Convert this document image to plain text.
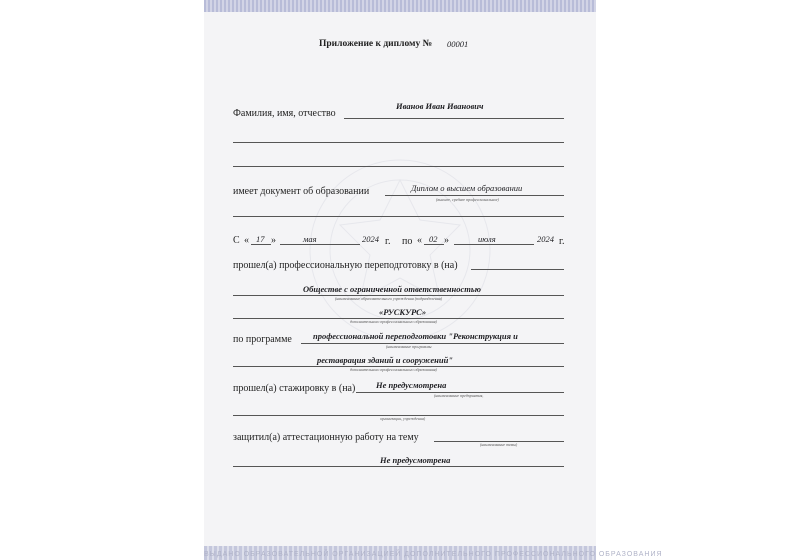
Приложение к диплому № 00001
Иванов Иван Иванович
Фамилия, имя, отчество
имеет документ об образовании	Диплом о высшем образовании
(высшее, среднее профессиональное)
С « 17 »	мая	2024 г. по « 02 »	июля	2024 г.
прошел(а) профессиональную переподготовку в (на)
Обществе с ограниченной ответственностью
(наименование образовательного учреждения (подразделения)
«РУСКУРС»
дополнительного профессионального образования)
по программе профессиональной переподготовки "Реконструкция и
(наименование программы
реставрация зданий и сооружений"
дополнительного профессионального образования)
прошел(а) стажировку в (на) Не предусмотрена
(наименование предприятия,
организации, учреждения)
защитил(а) аттестационную работу на тему
(наименование темы)
Не предусмотрена
ВЫДАНО ОБРАЗОВАТЕЛЬНОЙ ОРГАНИЗАЦИЕЙ ДОПОЛНИТЕЛЬНОГО ПРОФЕССИОНАЛЬНОГО ОБРАЗОВАНИЯ
